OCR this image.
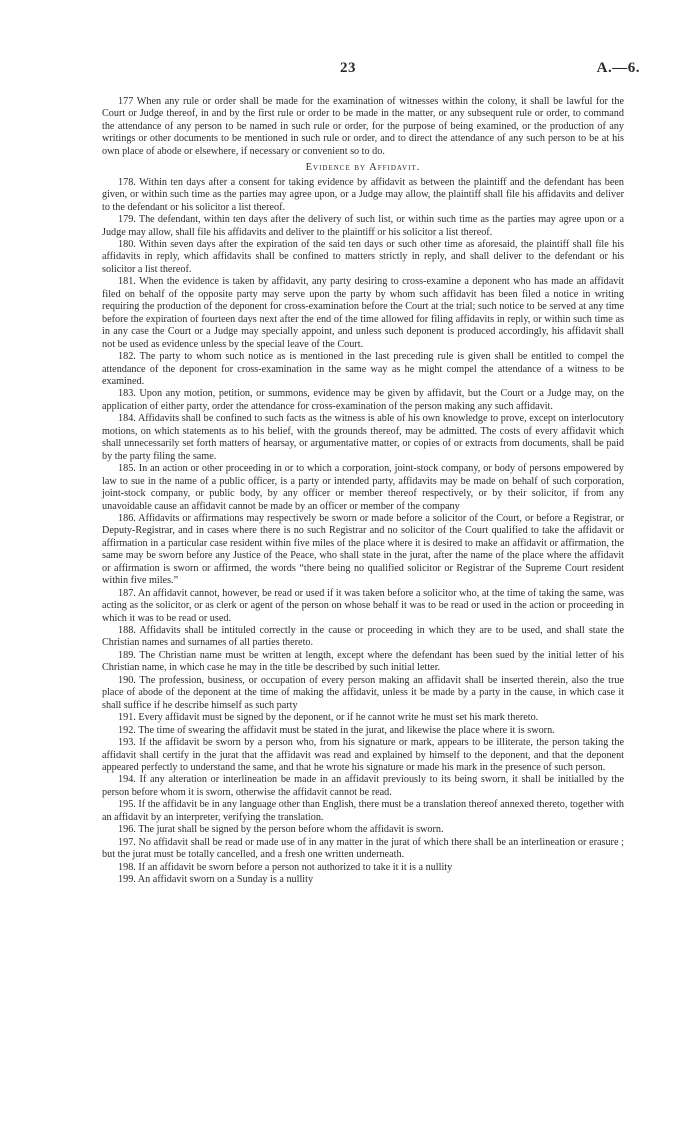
23	A.—6.

177 When any rule or order shall be made for the examination of witnesses within the colony, it shall be lawful for the Court or Judge thereof, in and by the first rule or order to be made in the matter, or any subsequent rule or order, to command the attendance of any person to be named in such rule or order, for the purpose of being examined, or the production of any writings or other documents to be mentioned in such rule or order, and to direct the attendance of any such person to be at his own place of abode or elsewhere, if necessary or convenient so to do.

Evidence by Affidavit.

178. Within ten days after a consent for taking evidence by affidavit as between the plaintiff and the defendant has been given, or within such time as the parties may agree upon, or a Judge may allow, the plaintiff shall file his affidavits and deliver to the defendant or his solicitor a list thereof.

179. The defendant, within ten days after the delivery of such list, or within such time as the parties may agree upon or a Judge may allow, shall file his affidavits and deliver to the plaintiff or his solicitor a list thereof.

180. Within seven days after the expiration of the said ten days or such other time as aforesaid, the plaintiff shall file his affidavits in reply, which affidavits shall be confined to matters strictly in reply, and shall deliver to the defendant or his solicitor a list thereof.

181. When the evidence is taken by affidavit, any party desiring to cross-examine a deponent who has made an affidavit filed on behalf of the opposite party may serve upon the party by whom such affidavit has been filed a notice in writing requiring the production of the deponent for cross-examination before the Court at the trial; such notice to be served at any time before the expiration of fourteen days next after the end of the time allowed for filing affidavits in reply, or within such time as in any case the Court or a Judge may specially appoint, and unless such deponent is produced accordingly, his affidavit shall not be used as evidence unless by the special leave of the Court.

182. The party to whom such notice as is mentioned in the last preceding rule is given shall be entitled to compel the attendance of the deponent for cross-examination in the same way as he might compel the attendance of a witness to be examined.

183. Upon any motion, petition, or summons, evidence may be given by affidavit, but the Court or a Judge may, on the application of either party, order the attendance for cross-examination of the person making any such affidavit.

184. Affidavits shall be confined to such facts as the witness is able of his own knowledge to prove, except on interlocutory motions, on which statements as to his belief, with the grounds thereof, may be admitted. The costs of every affidavit which shall unnecessarily set forth matters of hearsay, or argumentative matter, or copies of or extracts from documents, shall be paid by the party filing the same.

185. In an action or other proceeding in or to which a corporation, joint-stock company, or body of persons empowered by law to sue in the name of a public officer, is a party or intended party, affidavits may be made on behalf of such corporation, joint-stock company, or public body, by any officer or member thereof respectively, or by their solicitor, if from any unavoidable cause an affidavit cannot be made by an officer or member of the company

186. Affidavits or affirmations may respectively be sworn or made before a solicitor of the Court, or before a Registrar, or Deputy-Registrar, and in cases where there is no such Registrar and no solicitor of the Court qualified to take the affidavit or affirmation in a particular case resident within five miles of the place where it is desired to make an affidavit or affirmation, the same may be sworn before any Justice of the Peace, who shall state in the jurat, after the name of the place where the affidavit or affirmation is sworn or affirmed, the words “there being no qualified solicitor or Registrar of the Supreme Court resident within five miles.”

187. An affidavit cannot, however, be read or used if it was taken before a solicitor who, at the time of taking the same, was acting as the solicitor, or as clerk or agent of the person on whose behalf it was to be read or used in the action or proceeding in which it was to be read or used.

188. Affidavits shall be intituled correctly in the cause or proceeding in which they are to be used, and shall state the Christian names and surnames of all parties thereto.

189. The Christian name must be written at length, except where the defendant has been sued by the initial letter of his Christian name, in which case he may in the title be described by such initial letter.

190. The profession, business, or occupation of every person making an affidavit shall be inserted therein, also the true place of abode of the deponent at the time of making the affidavit, unless it be made by a party in the cause, in which case it shall suffice if he describe himself as such party

191. Every affidavit must be signed by the deponent, or if he cannot write he must set his mark thereto.

192. The time of swearing the affidavit must be stated in the jurat, and likewise the place where it is sworn.

193. If the affidavit be sworn by a person who, from his signature or mark, appears to be illiterate, the person taking the affidavit shall certify in the jurat that the affidavit was read and explained by himself to the deponent, and that the deponent appeared perfectly to understand the same, and that he wrote his signature or made his mark in the presence of such person.

194. If any alteration or interlineation be made in an affidavit previously to its being sworn, it shall be initialled by the person before whom it is sworn, otherwise the affidavit cannot be read.

195. If the affidavit be in any language other than English, there must be a translation thereof annexed thereto, together with an affidavit by an interpreter, verifying the translation.

196. The jurat shall be signed by the person before whom the affidavit is sworn.

197. No affidavit shall be read or made use of in any matter in the jurat of which there shall be an interlineation or erasure ; but the jurat must be totally cancelled, and a fresh one written underneath.

198. If an affidavit be sworn before a person not authorized to take it it is a nullity

199. An affidavit sworn on a Sunday is a nullity
